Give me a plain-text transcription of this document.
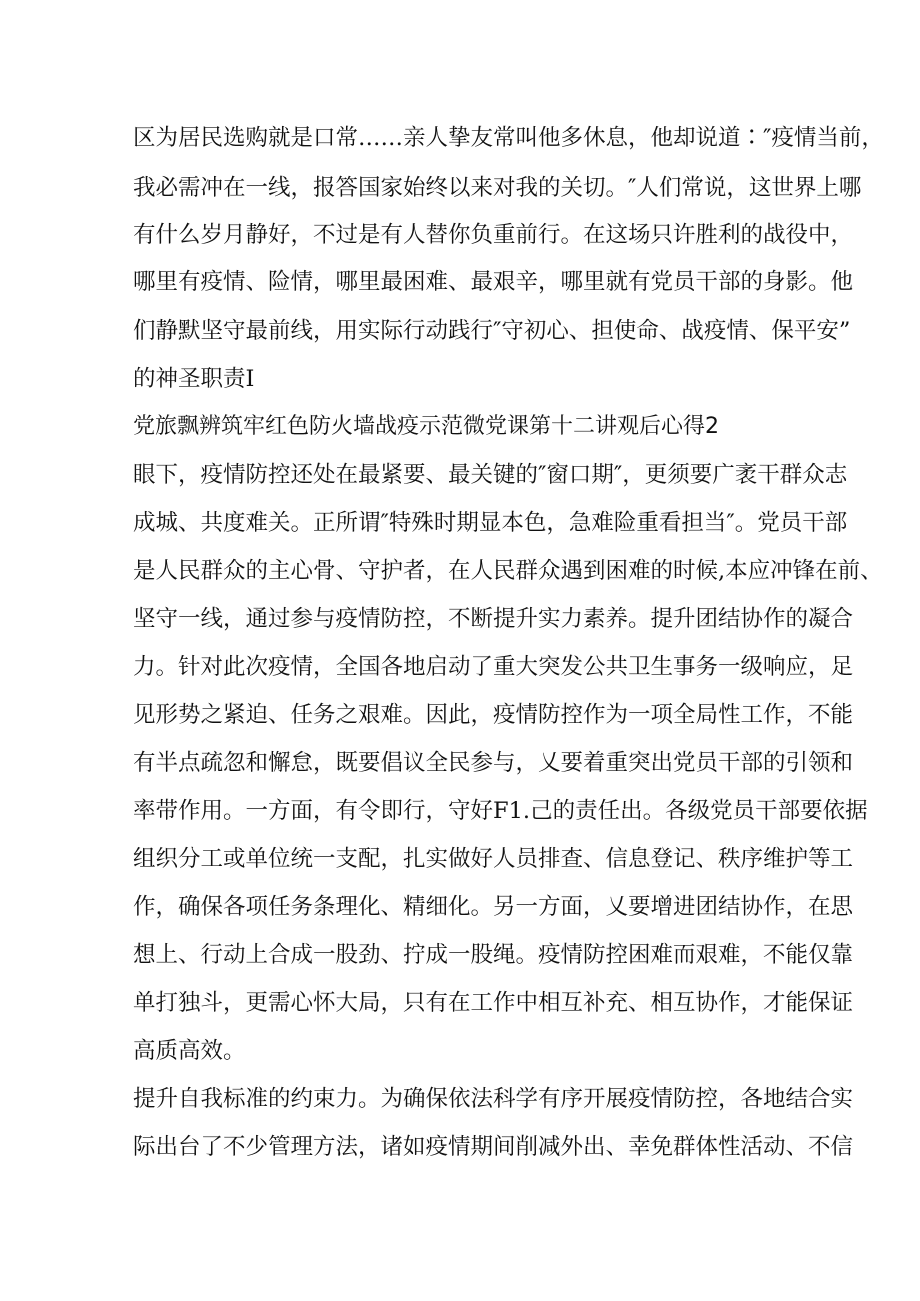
区为居民选购就是口常……亲人挚友常叫他多休息，他却说道∶″疫情当前，
我必需冲在一线，报答国家始终以来对我的关切。″人们常说，这世界上哪
有什么岁月静好，不过是有人替你负重前行。在这场只许胜利的战役中，
哪里有疫情、险情，哪里最困难、最艰辛，哪里就有党员干部的身影。他
们静默坚守最前线，用实际行动践行″守初心、担使命、战疫情、保平安”
的神圣职责I
党旅飘辨筑牢红色防火墙战疫示范微党课第十二讲观后心得2
眼下，疫情防控还处在最紧要、最关键的″窗口期″，更须要广袤干群众志
成城、共度难关。正所谓″特殊时期显本色，急难险重看担当″。党员干部
是人民群众的主心骨、守护者，在人民群众遇到困难的时候,本应冲锋在前、
坚守一线，通过参与疫情防控，不断提升实力素养。提升团结协作的凝合
力。针对此次疫情，全国各地启动了重大突发公共卫生事务一级响应，足
见形势之紧迫、任务之艰难。因此，疫情防控作为一项全局性工作，不能
有半点疏忽和懈怠，既要倡议全民参与，乂要着重突出党员干部的引领和
率带作用。一方面，有令即行，守好F1.己的责任出。各级党员干部要依据
组织分工或单位统一支配，扎实做好人员排查、信息登记、秩序维护等工
作，确保各项任务条理化、精细化。另一方面，乂要增进团结协作，在思
想上、行动上合成一股劲、拧成一股绳。疫情防控困难而艰难，不能仅靠
单打独斗，更需心怀大局，只有在工作中相互补充、相互协作，才能保证
高质高效。
提升自我标准的约束力。为确保依法科学有序开展疫情防控，各地结合实
际出台了不少管理方法，诸如疫情期间削减外出、幸免群体性活动、不信
